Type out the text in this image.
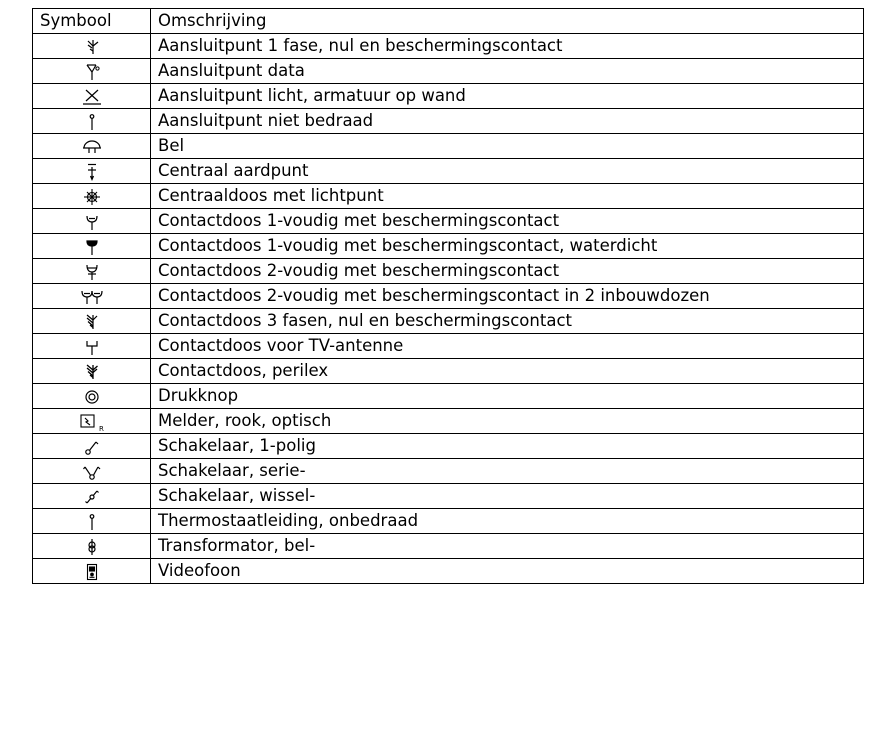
Symbool	Omschrijving
	Aansluitpunt 1 fase, nul en beschermingscontact
	Aansluitpunt data
	Aansluitpunt licht, armatuur op wand
	Aansluitpunt niet bedraad
	Bel
	Centraal aardpunt
	Centraaldoos met lichtpunt
	Contactdoos 1-voudig met beschermingscontact
	Contactdoos 1-voudig met beschermingscontact, waterdicht
	Contactdoos 2-voudig met beschermingscontact
	Contactdoos 2-voudig met beschermingscontact in 2 inbouwdozen
	Contactdoos 3 fasen, nul en beschermingscontact
	Contactdoos voor TV-antenne
	Contactdoos, perilex
	Drukknop

R	Melder, rook, optisch
	Schakelaar, 1-polig
	Schakelaar, serie-
	Schakelaar, wissel-
	Thermostaatleiding, onbedraad
	Transformator, bel-
	Videofoon
